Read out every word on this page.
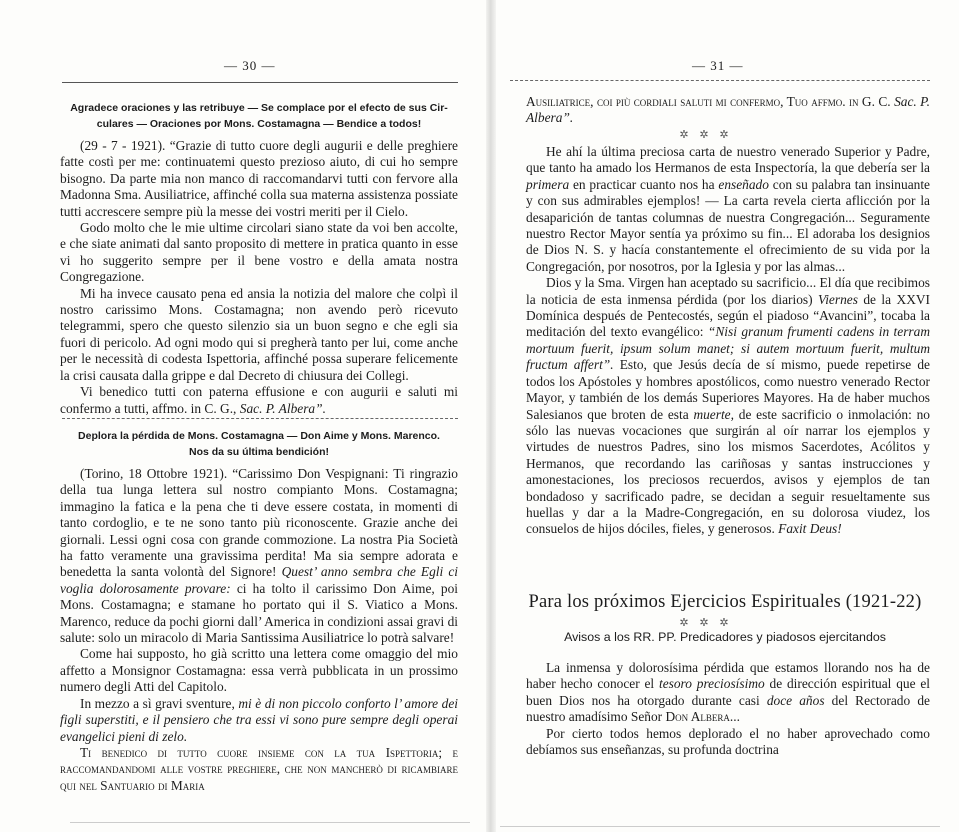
— 30 —
Agradece oraciones y las retribuye — Se complace por el efecto de sus Cir-
culares — Oraciones por Mons. Costamagna — Bendice a todos!

(29 - 7 - 1921). “Grazie di tutto cuore degli augurii e delle preghiere fatte costì per me: continuatemi questo prezioso aiuto, di cui ho sempre bisogno. Da parte mia non manco di raccomandarvi tutti con fervore alla Madonna Sma. Ausiliatrice, affinché colla sua materna assistenza possiate tutti accrescere sempre più la messe dei vostri meriti per il Cielo.

Godo molto che le mie ultime circolari siano state da voi ben accolte, e che siate animati dal santo proposito di mettere in pratica quanto in esse vi ho suggerito sempre per il bene vostro e della amata nostra Congregazione.

Mi ha invece causato pena ed ansia la notizia del malore che colpì il nostro carissimo Mons. Costamagna; non avendo però ricevuto telegrammi, spero che questo silenzio sia un buon segno e che egli sia fuori di pericolo. Ad ogni modo qui si pregherà tanto per lui, come anche per le necessità di codesta Ispettoria, affinché possa superare felicemente la crisi causata dalla grippe e dal Decreto di chiusura dei Collegi.

Vi benedico tutti con paterna effusione e con augurii e saluti mi confermo a tutti, affmo. in C. G., Sac. P. Albera”.

Deplora la pérdida de Mons. Costamagna — Don Aime y Mons. Marenco.
Nos da su última bendición!

(Torino, 18 Ottobre 1921). “Carissimo Don Vespignani: Ti ringrazio della tua lunga lettera sul nostro compianto Mons. Costamagna; immagino la fatica e la pena che ti deve essere costata, in momenti di tanto cordoglio, e te ne sono tanto più riconoscente. Grazie anche dei giornali. Lessi ogni cosa con grande commozione. La nostra Pia Società ha fatto veramente una gravissima perdita! Ma sia sempre adorata e benedetta la santa volontà del Signore! Quest’ anno sembra che Egli ci voglia dolorosamente provare: ci ha tolto il carissimo Don Aime, poi Mons. Costamagna; e stamane ho portato qui il S. Viatico a Mons. Marenco, reduce da pochi giorni dall’ America in condizioni assai gravi di salute: solo un miracolo di Maria Santissima Ausiliatrice lo potrà salvare!

Come hai supposto, ho già scritto una lettera come omaggio del mio affetto a Monsignor Costamagna: essa verrà pubblicata in un prossimo numero degli Atti del Capitolo.

In mezzo a sì gravi sventure, mi è di non piccolo conforto l’ amore dei figli superstiti, e il pensiero che tra essi vi sono pure sempre degli operai evangelici pieni di zelo.

Ti benedico di tutto cuore insieme con la tua Ispettoria; e raccomandandomi alle vostre preghiere, che non mancherò di ricambiare qui nel Santuario di Maria

— 31 —

Ausiliatrice, coi più cordiali saluti mi confermo, Tuo affmo. in G. C. Sac. P. Albera”.

✲ ✲ ✲

He ahí la última preciosa carta de nuestro venerado Superior y Padre, que tanto ha amado los Hermanos de esta Inspectoría, la que debería ser la primera en practicar cuanto nos ha enseñado con su palabra tan insinuante y con sus admirables ejemplos! — La carta revela cierta aflicción por la desaparición de tantas columnas de nuestra Congregación... Seguramente nuestro Rector Mayor sentía ya próximo su fin... El adoraba los designios de Dios N. S. y hacía constantemente el ofrecimiento de su vida por la Congregación, por nosotros, por la Iglesia y por las almas...

Dios y la Sma. Virgen han aceptado su sacrificio... El día que recibimos la noticia de esta inmensa pérdida (por los diarios) Viernes de la XXVI Domínica después de Pentecostés, según el piadoso “Avancini”, tocaba la meditación del texto evangélico: “Nisi granum frumenti cadens in terram mortuum fuerit, ipsum solum manet; si autem mortuum fuerit, multum fructum affert”. Esto, que Jesús decía de sí mismo, puede repetirse de todos los Apóstoles y hombres apostólicos, como nuestro venerado Rector Mayor, y también de los demás Superiores Mayores. Ha de haber muchos Salesianos que broten de esta muerte, de este sacrificio o inmolación: no sólo las nuevas vocaciones que surgirán al oír narrar los ejemplos y virtudes de nuestros Padres, sino los mismos Sacerdotes, Acólitos y Hermanos, que recordando las cariñosas y santas instrucciones y amonestaciones, los preciosos recuerdos, avisos y ejemplos de tan bondadoso y sacrificado padre, se decidan a seguir resueltamente sus huellas y dar a la Madre-Congregación, en su dolorosa viudez, los consuelos de hijos dóciles, fieles, y generosos. Faxit Deus!

Para los próximos Ejercicios Espirituales (1921-22)
✲ ✲ ✲
Avisos a los RR. PP. Predicadores y piadosos ejercitandos

La inmensa y dolorosísima pérdida que estamos llorando nos ha de haber hecho conocer el tesoro preciosísimo de dirección espiritual que el buen Dios nos ha otorgado durante casi doce años del Rectorado de nuestro amadísimo Señor Don Albera...

Por cierto todos hemos deplorado el no haber aprovechado como debíamos sus enseñanzas, su profunda doctrina
